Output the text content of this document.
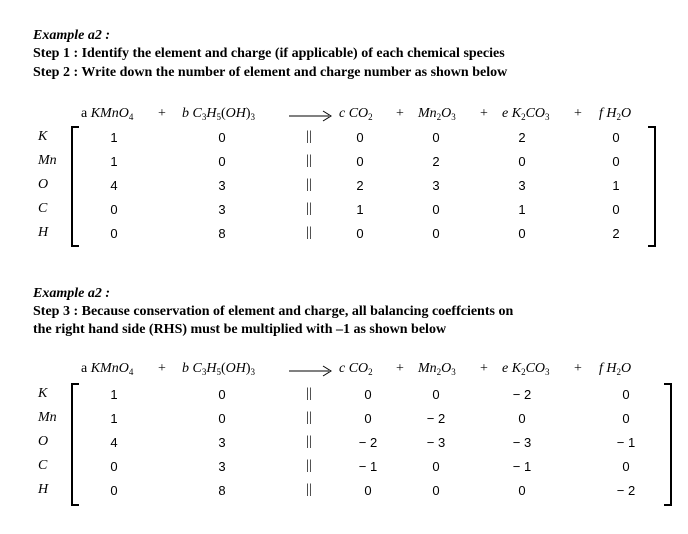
Example a2 :
Step 1 : Identify the element and charge (if applicable) of each chemical species
Step 2 : Write down the number of element and charge number as shown below
a KMnO$_4$ + b $C_3H_5(OH)_3 \to c$ $CO_2 + Mn_2O_3 + e$ $K_2CO_3 + f$ $H_2O$
K	1	0	0	0	2	0
||
Mn	1	0	0	2	0	0
||
O	4	3	2	3	3	1
||
C	0	3	1	0	1	0
||
H	0	8	0	0	0	2
||
Example a2 :
Step 3 : Because conservation of element and charge, all balancing coeffcients on
the right hand side (RHS) must be multiplied with –1 as shown below
a KMnO$_4$ + b $C_3H_5(OH)_3 \to c$ $CO_2 + Mn_2O_3 + e$ $K_2CO_3 + f$ $H_2O$
K	1	0	0	0	− 2	0
||
Mn	1	0	0	− 2	0	0
||
O	4	3	− 2	− 3	− 3	− 1
||
C	0	3	− 1	0	− 1	0
||
H	0	8	0	0	0	− 2
||
